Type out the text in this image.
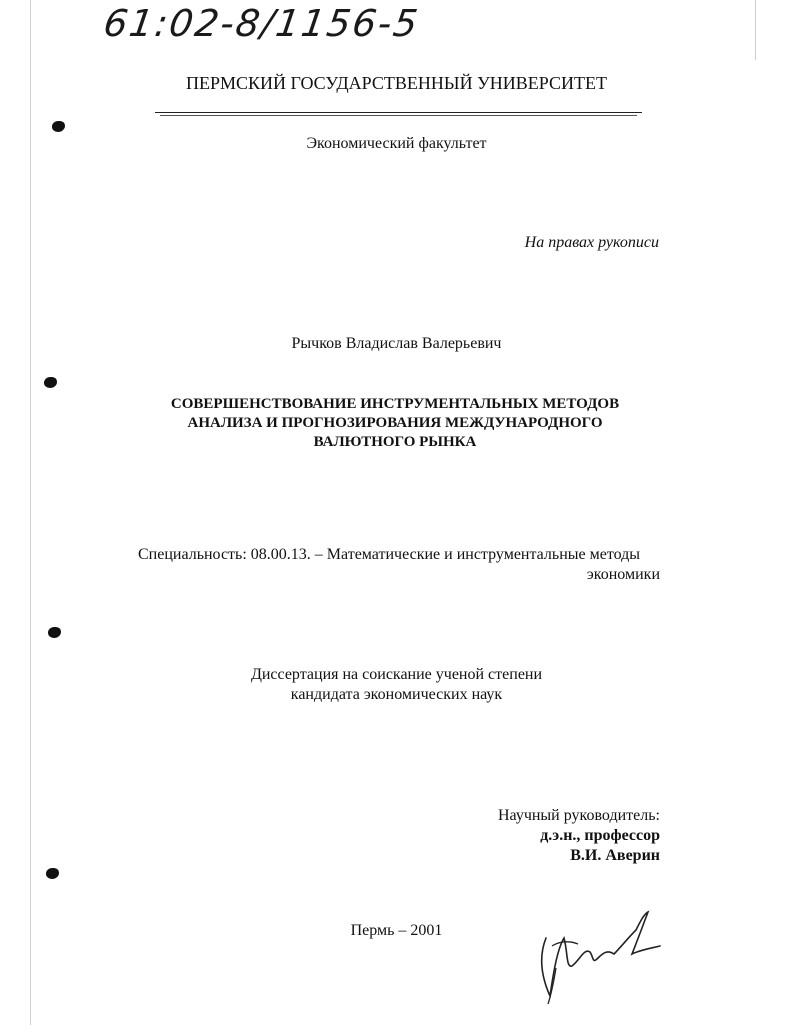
61:02-8/1156-5
ПЕРМСКИЙ ГОСУДАРСТВЕННЫЙ УНИВЕРСИТЕТ
Экономический факультет
На правах рукописи
Рычков Владислав Валерьевич
СОВЕРШЕНСТВОВАНИЕ ИНСТРУМЕНТАЛЬНЫХ МЕТОДОВ
АНАЛИЗА И ПРОГНОЗИРОВАНИЯ МЕЖДУНАРОДНОГО
ВАЛЮТНОГО РЫНКА
Специальность: 08.00.13. – Математические и инструментальные методы
экономики
Диссертация на соискание ученой степени
кандидата экономических наук
Научный руководитель:
д.э.н., профессор
В.И. Аверин
Пермь – 2001
